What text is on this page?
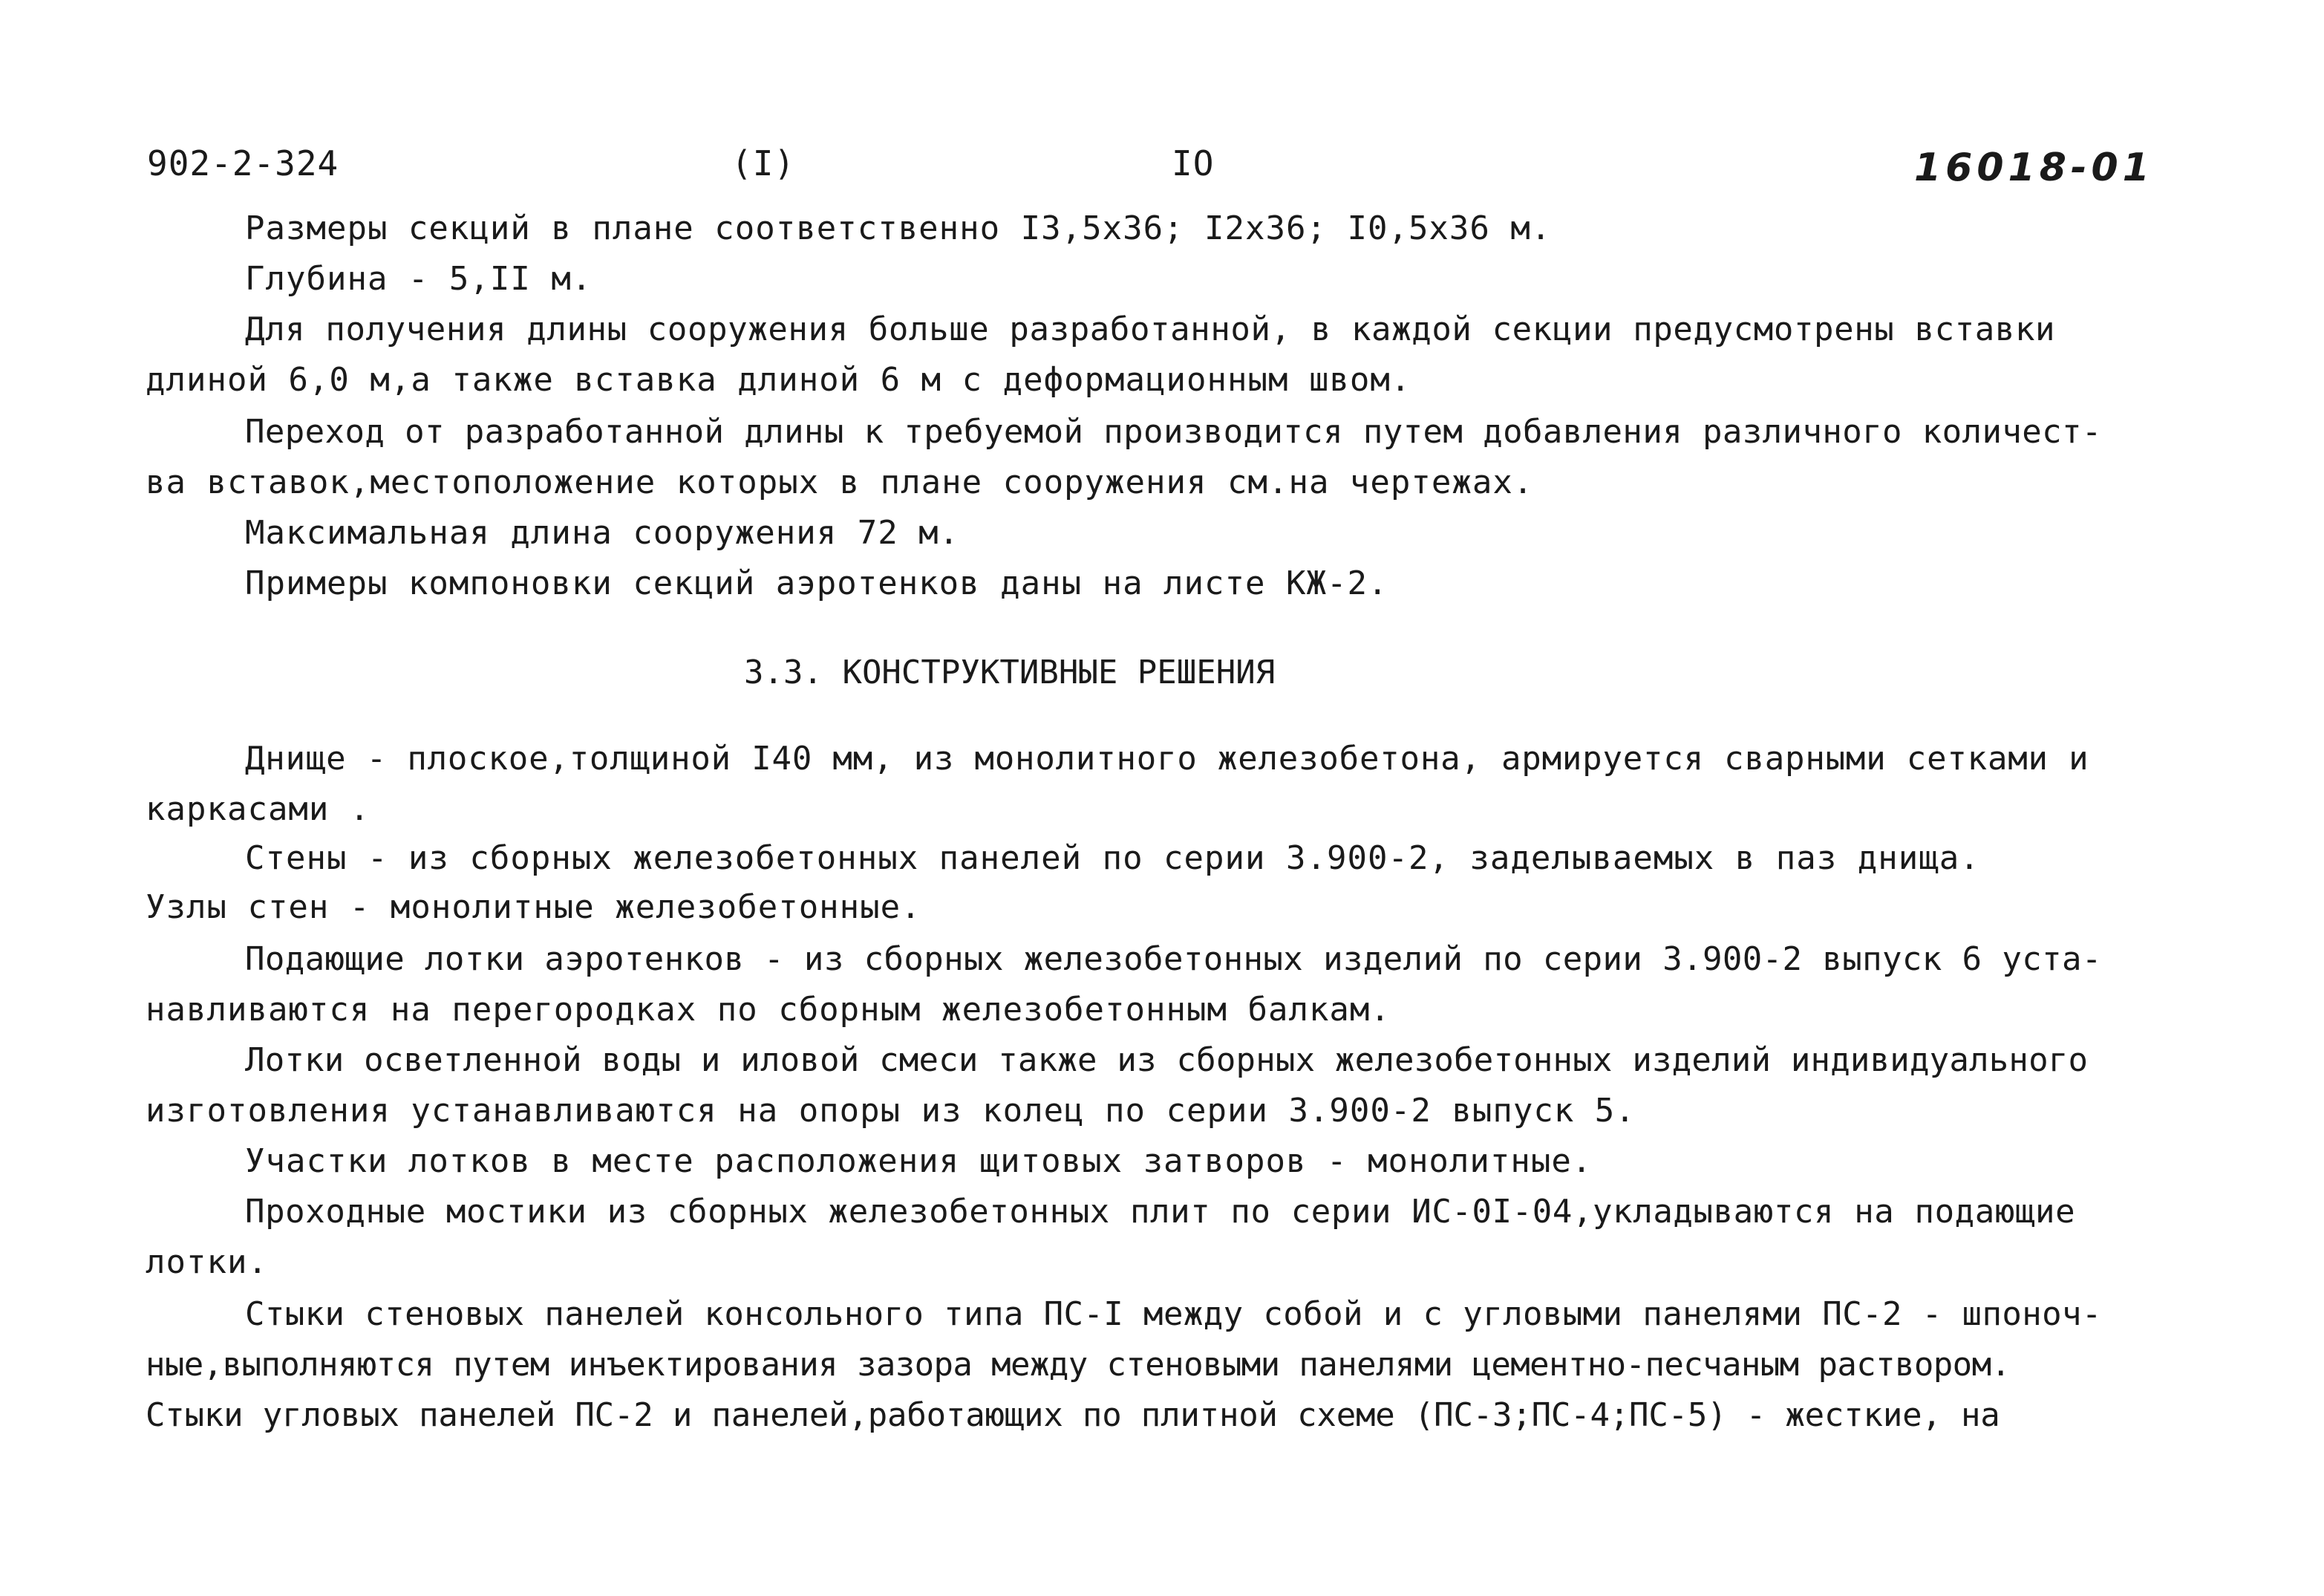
902-2-324	(I)	IO	16018-01
Размеры секций в плане соответственно I3,5х36; I2х36; I0,5х36 м.
Глубина - 5,II м.
Для получения длины сооружения больше разработанной, в каждой секции предусмотрены вставки
длиной 6,0 м,а также вставка длиной 6 м с деформационным швом.
Переход от разработанной длины к требуемой производится путем добавления различного количест-
ва вставок,местоположение которых в плане сооружения см.на чертежах.
Максимальная длина сооружения 72 м.
Примеры компоновки секций аэротенков даны на листе КЖ-2.
3.3. КОНСТРУКТИВНЫЕ РЕШЕНИЯ
Днище - плоское,толщиной I40 мм, из монолитного железобетона, армируется сварными сетками и
каркасами .
Стены - из сборных железобетонных панелей по серии 3.900-2, заделываемых в паз днища.
Узлы стен - монолитные железобетонные.
Подающие лотки аэротенков - из сборных железобетонных изделий по серии 3.900-2 выпуск 6 уста-
навливаются на перегородках по сборным железобетонным балкам.
Лотки осветленной воды и иловой смеси также из сборных железобетонных изделий индивидуального
изготовления устанавливаются на опоры из колец по серии 3.900-2 выпуск 5.
Участки лотков в месте расположения щитовых затворов - монолитные.
Проходные мостики из сборных железобетонных плит по серии ИС-0I-04,укладываются на подающие
лотки.
Стыки стеновых панелей консольного типа ПС-I между собой и с угловыми панелями ПС-2 - шпоноч-
ные,выполняются путем инъектирования зазора между стеновыми панелями цементно-песчаным раствором.
Стыки угловых панелей ПС-2 и панелей,работающих по плитной схеме (ПС-3;ПС-4;ПС-5) - жесткие, на
